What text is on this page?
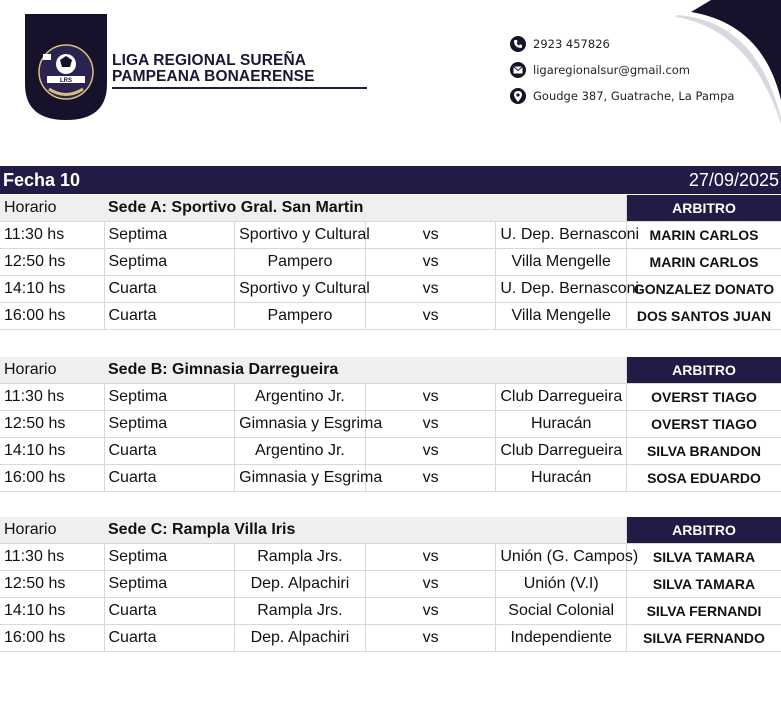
LRS
LIGA REGIONAL SUREÑA
PAMPEANA BONAERENSE
2923 457826
ligaregionalsur@gmail.com
Goudge 387, Guatrache, La Pampa
Fecha 10	27/09/2025
Horario	Sede A: Sportivo Gral. San Martin				ARBITRO
11:30 hs	Septima	Sportivo y Cultural	vs	U. Dep. Bernasconi	MARIN CARLOS
12:50 hs	Septima	Pampero	vs	Villa Mengelle	MARIN CARLOS
14:10 hs	Cuarta	Sportivo y Cultural	vs	U. Dep. Bernasconi	GONZALEZ DONATO
16:00 hs	Cuarta	Pampero	vs	Villa Mengelle	DOS SANTOS JUAN
Horario	Sede B: Gimnasia Darregueira				ARBITRO
11:30 hs	Septima	Argentino Jr.	vs	Club Darregueira	OVERST TIAGO
12:50 hs	Septima	Gimnasia y Esgrima	vs	Huracán	OVERST TIAGO
14:10 hs	Cuarta	Argentino Jr.	vs	Club Darregueira	SILVA BRANDON
16:00 hs	Cuarta	Gimnasia y Esgrima	vs	Huracán	SOSA EDUARDO
Horario	Sede C: Rampla Villa Iris				ARBITRO
11:30 hs	Septima	Rampla Jrs.	vs	Unión (G. Campos)	SILVA TAMARA
12:50 hs	Septima	Dep. Alpachiri	vs	Unión (V.I)	SILVA TAMARA
14:10 hs	Cuarta	Rampla Jrs.	vs	Social Colonial	SILVA FERNANDI
16:00 hs	Cuarta	Dep. Alpachiri	vs	Independiente	SILVA FERNANDO
